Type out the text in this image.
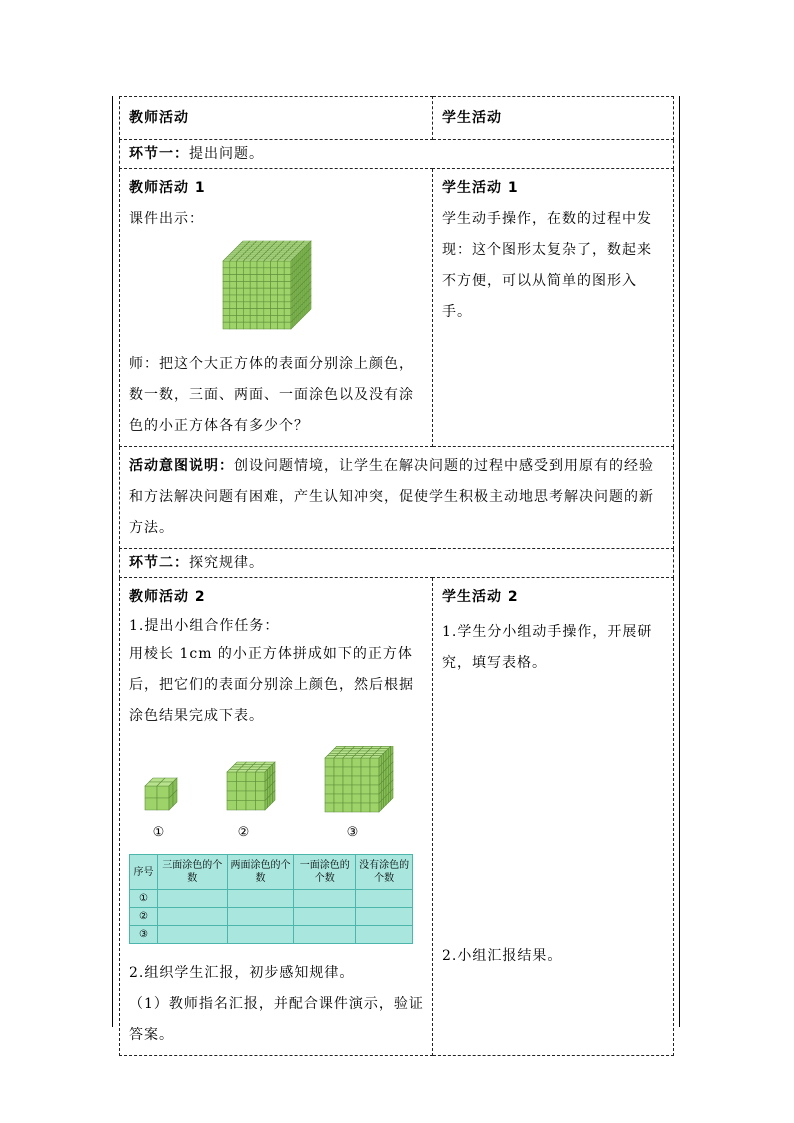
教师活动	学生活动
环节一：提出问题。

教师活动 1

课件出示：

师：把这个大正方体的表面分别涂上颜色，数一数，三面、两面、一面涂色以及没有涂色的小正方体各有多少个？

学生活动 1

学生动手操作，在数的过程中发现：这个图形太复杂了，数起来不方便，可以从简单的图形入手。

活动意图说明：创设问题情境，让学生在解决问题的过程中感受到用原有的经验和方法解决问题有困难，产生认知冲突，促使学生积极主动地思考解决问题的新方法。
环节二：探究规律。

教师活动 2

1.提出小组合作任务：

用棱长 1cm 的小正方体拼成如下的正方体后，把它们的表面分别涂上颜色，然后根据涂色结果完成下表。

①	②	③
序号	三面涂色的个数	两面涂色的个数	一面涂色的个数	没有涂色的个数
①				
②				
③				

2.组织学生汇报，初步感知规律。

（1）教师指名汇报，并配合课件演示，验证答案。

学生活动 2

1.学生分小组动手操作，开展研究，填写表格。

2.小组汇报结果。
